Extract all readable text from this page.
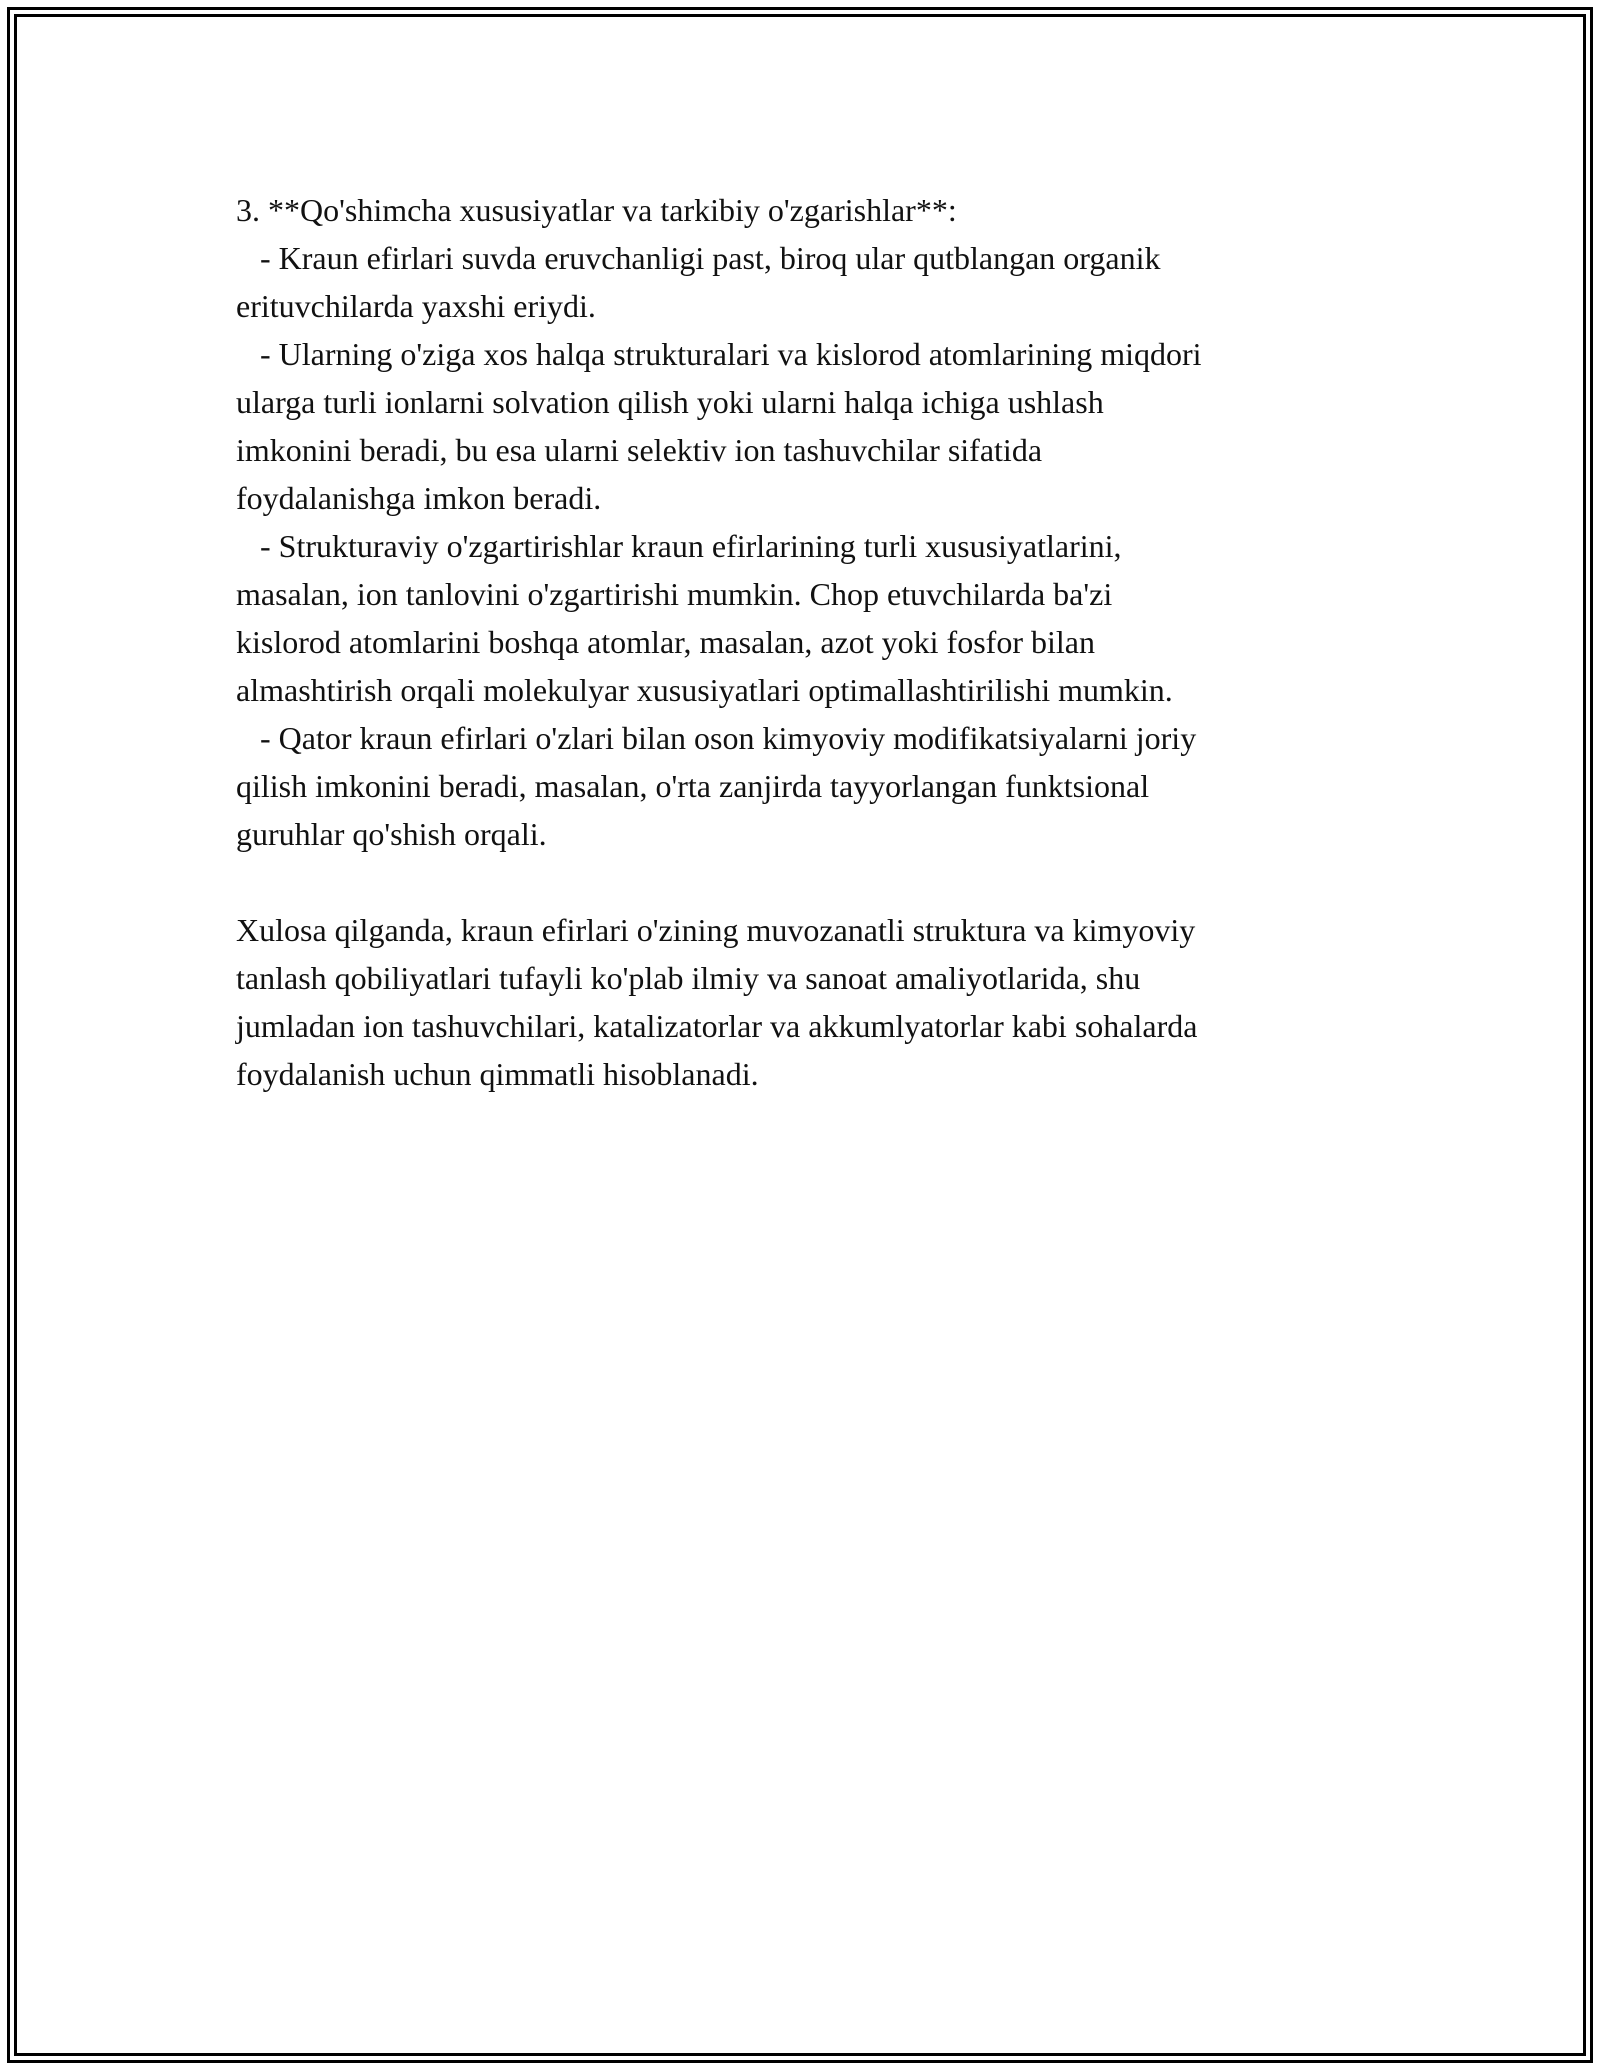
3. **Qo'shimcha xususiyatlar va tarkibiy o'zgarishlar**:
- Kraun efirlari suvda eruvchanligi past, biroq ular qutblangan organik
erituvchilarda yaxshi eriydi.
- Ularning o'ziga xos halqa strukturalari va kislorod atomlarining miqdori
ularga turli ionlarni solvation qilish yoki ularni halqa ichiga ushlash
imkonini beradi, bu esa ularni selektiv ion tashuvchilar sifatida
foydalanishga imkon beradi.
- Strukturaviy o'zgartirishlar kraun efirlarining turli xususiyatlarini,
masalan, ion tanlovini o'zgartirishi mumkin. Chop etuvchilarda ba'zi
kislorod atomlarini boshqa atomlar, masalan, azot yoki fosfor bilan
almashtirish orqali molekulyar xususiyatlari optimallashtirilishi mumkin.
- Qator kraun efirlari o'zlari bilan oson kimyoviy modifikatsiyalarni joriy
qilish imkonini beradi, masalan, o'rta zanjirda tayyorlangan funktsional
guruhlar qo'shish orqali.
Xulosa qilganda, kraun efirlari o'zining muvozanatli struktura va kimyoviy
tanlash qobiliyatlari tufayli ko'plab ilmiy va sanoat amaliyotlarida, shu
jumladan ion tashuvchilari, katalizatorlar va akkumlyatorlar kabi sohalarda
foydalanish uchun qimmatli hisoblanadi.
